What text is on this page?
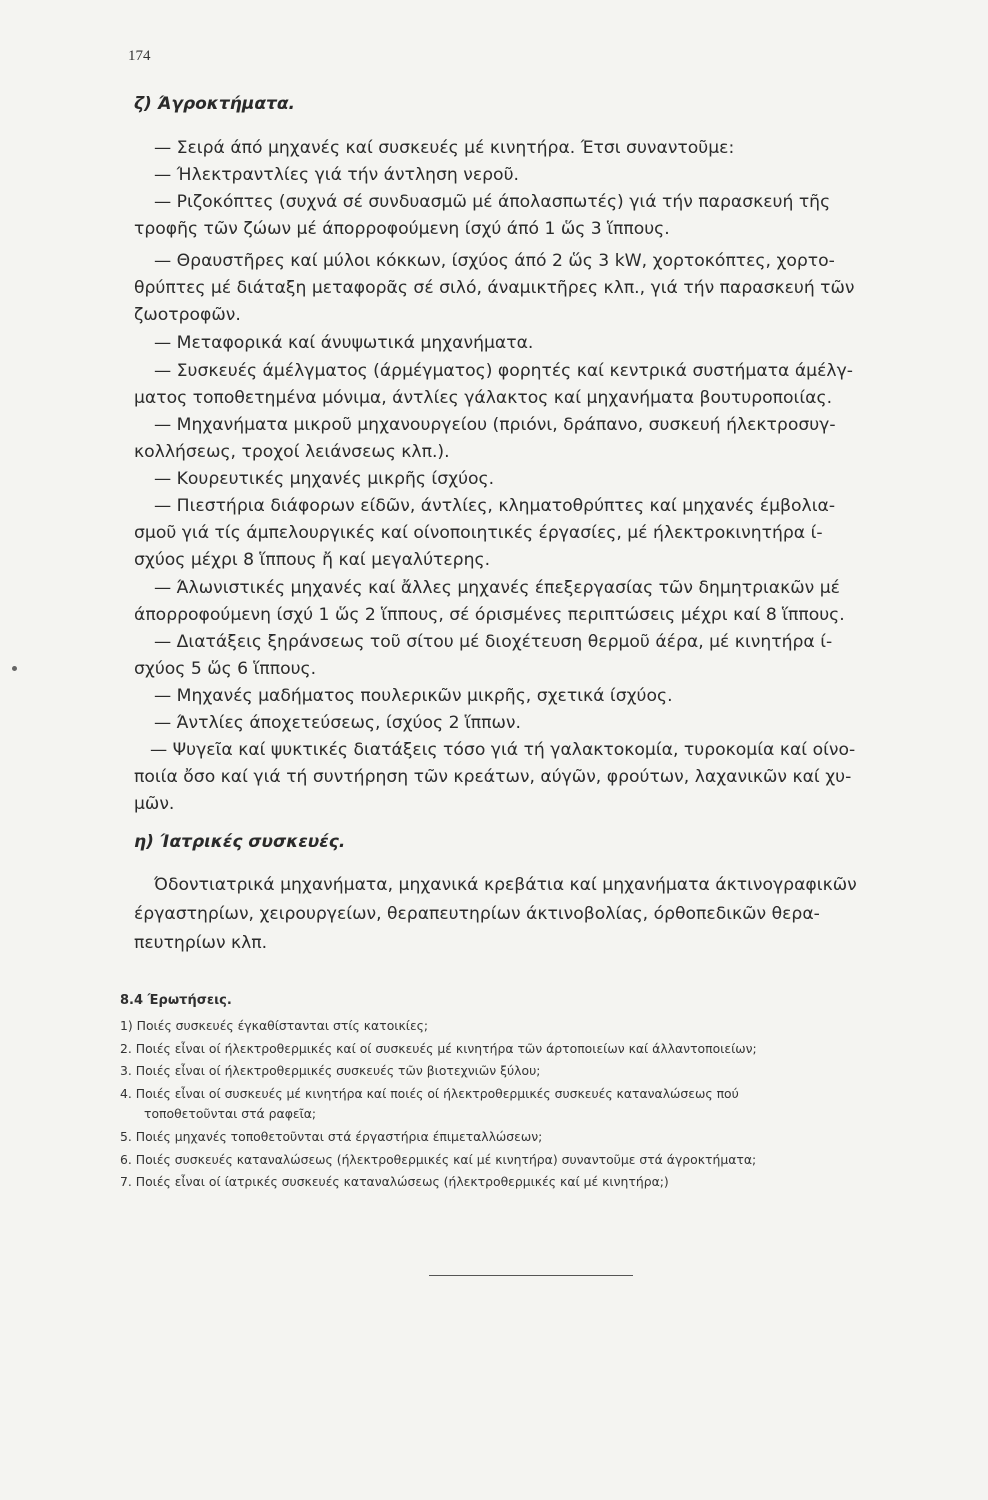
174
ζ) Άγροκτήματα.
— Σειρά άπό μηχανές καί συσκευές μέ κινητήρα. Έτσι συναντοῦμε:
— Ήλεκτραντλίες γιά τήν άντληση νεροῦ.
— Ριζοκόπτες (συχνά σέ συνδυασμῶ μέ άπολασπωτές) γιά τήν παρασκευή τῆς
τροφῆς τῶν ζώων μέ άπορροφούμενη ίσχύ άπό 1 ὥς 3 ἵππους.
— Θραυστῆρες καί μύλοι κόκκων, ίσχύος άπό 2 ὥς 3 kW, χορτοκόπτες, χορτο-
θρύπτες μέ διάταξη μεταφορᾶς σέ σιλό, άναμικτῆρες κλπ., γιά τήν παρασκευή τῶν
ζωοτροφῶν.
— Μεταφορικά καί άνυψωτικά μηχανήματα.
— Συσκευές άμέλγματος (άρμέγματος) φορητές καί κεντρικά συστήματα άμέλγ-
ματος τοποθετημένα μόνιμα, άντλίες γάλακτος καί μηχανήματα βουτυροποιίας.
— Μηχανήματα μικροῦ μηχανουργείου (πριόνι, δράπανο, συσκευή ήλεκτροσυγ-
κολλήσεως, τροχοί λειάνσεως κλπ.).
— Κουρευτικές μηχανές μικρῆς ίσχύος.
— Πιεστήρια διάφορων είδῶν, άντλίες, κληματοθρύπτες καί μηχανές έμβολια-
σμοῦ γιά τίς άμπελουργικές καί οίνοποιητικές έργασίες, μέ ήλεκτροκινητήρα ί-
σχύος μέχρι 8 ἵππους ἤ καί μεγαλύτερης.
— Άλωνιστικές μηχανές καί ἄλλες μηχανές έπεξεργασίας τῶν δημητριακῶν μέ
άπορροφούμενη ίσχύ 1 ὥς 2 ἵππους, σέ όρισμένες περιπτώσεις μέχρι καί 8 ἵππους.
— Διατάξεις ξηράνσεως τοῦ σίτου μέ διοχέτευση θερμοῦ άέρα, μέ κινητήρα ί-
σχύος 5 ὥς 6 ἵππους.
— Μηχανές μαδήματος πουλερικῶν μικρῆς, σχετικά ίσχύος.
— Άντλίες άποχετεύσεως, ίσχύος 2 ἵππων.
— Ψυγεῖα καί ψυκτικές διατάξεις τόσο γιά τή γαλακτοκομία, τυροκομία καί οίνο-
ποιία ὄσο καί γιά τή συντήρηση τῶν κρεάτων, αύγῶν, φρούτων, λαχανικῶν καί χυ-
μῶν.
η) Ίατρικές συσκευές.
Όδοντιατρικά μηχανήματα, μηχανικά κρεβάτια καί μηχανήματα άκτινογραφικῶν
έργαστηρίων, χειρουργείων, θεραπευτηρίων άκτινοβολίας, όρθοπεδικῶν θερα-
πευτηρίων κλπ.
8.4 Έρωτήσεις.
1) Ποιές συσκευές έγκαθίστανται στίς κατοικίες;
2. Ποιές εἶναι οί ήλεκτροθερμικές καί οί συσκευές μέ κινητήρα τῶν άρτοποιείων καί άλλαντοποιείων;
3. Ποιές εἶναι οί ήλεκτροθερμικές συσκευές τῶν βιοτεχνιῶν ξύλου;
4. Ποιές εἶναι οί συσκευές μέ κινητήρα καί ποιές οί ήλεκτροθερμικές συσκευές καταναλώσεως πού
τοποθετοῦνται στά ραφεῖα;
5. Ποιές μηχανές τοποθετοῦνται στά έργαστήρια έπιμεταλλώσεων;
6. Ποιές συσκευές καταναλώσεως (ήλεκτροθερμικές καί μέ κινητήρα) συναντοῦμε στά άγροκτήματα;
7. Ποιές εἶναι οί ίατρικές συσκευές καταναλώσεως (ήλεκτροθερμικές καί μέ κινητήρα;)
